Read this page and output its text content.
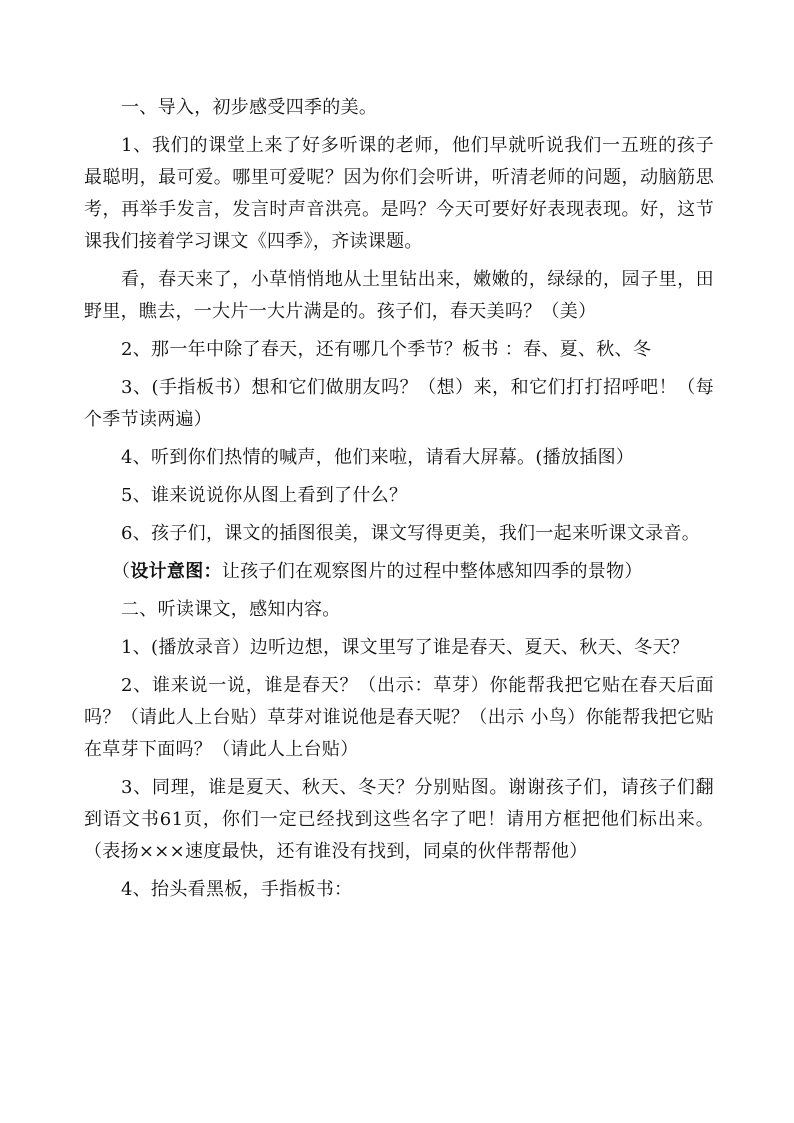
一、导入，初步感受四季的美。

1、我们的课堂上来了好多听课的老师，他们早就听说我们一五班的孩子最聪明，最可爱。哪里可爱呢？因为你们会听讲，听清老师的问题，动脑筋思考，再举手发言，发言时声音洪亮。是吗？今天可要好好表现表现。好，这节课我们接着学习课文《四季》，齐读课题。

看，春天来了，小草悄悄地从土里钻出来，嫩嫩的，绿绿的，园子里，田野里，瞧去，一大片一大片满是的。孩子们，春天美吗？（美）

2、那一年中除了春天，还有哪几个季节？板书 ：春、夏、秋、冬

3、(手指板书）想和它们做朋友吗？（想）来，和它们打打招呼吧！（每个季节读两遍）

4、听到你们热情的喊声，他们来啦，请看大屏幕。(播放插图）

5、谁来说说你从图上看到了什么？

6、孩子们，课文的插图很美，课文写得更美，我们一起来听课文录音。

（设计意图：让孩子们在观察图片的过程中整体感知四季的景物）

二、听读课文，感知内容。

1、(播放录音）边听边想，课文里写了谁是春天、夏天、秋天、冬天？

2、谁来说一说，谁是春天？（出示：草芽）你能帮我把它贴在春天后面吗？（请此人上台贴）草芽对谁说他是春天呢？（出示 小鸟）你能帮我把它贴在草芽下面吗？（请此人上台贴）

3、同理，谁是夏天、秋天、冬天？分别贴图。谢谢孩子们，请孩子们翻到语文书61页，你们一定已经找到这些名字了吧！请用方框把他们标出来。（表扬×××速度最快，还有谁没有找到，同桌的伙伴帮帮他）

4、抬头看黑板，手指板书：
